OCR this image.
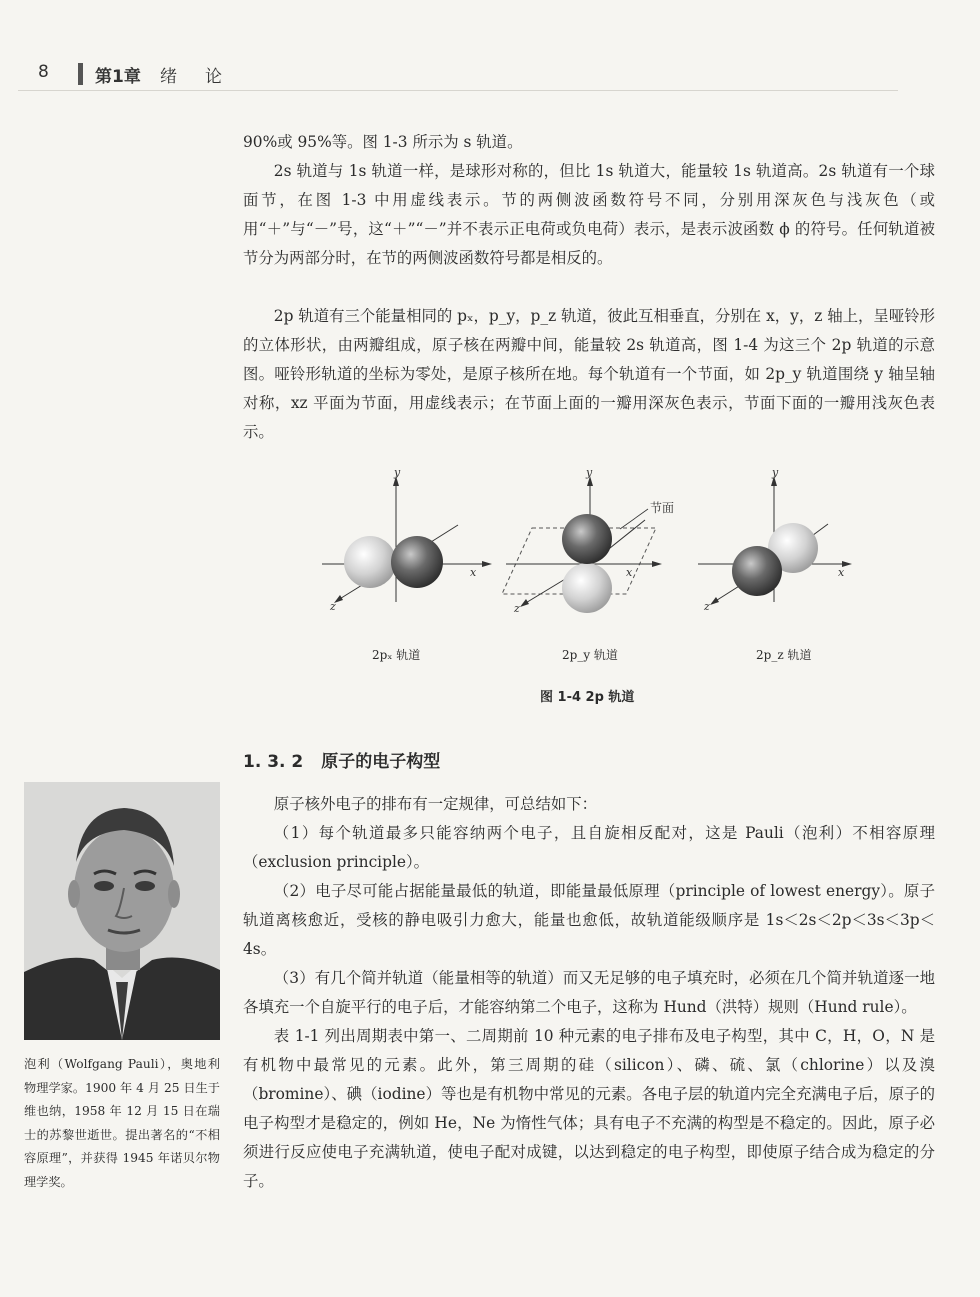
8	第1章 绪论

90%或 95%等。图 1-3 所示为 s 轨道。

2s 轨道与 1s 轨道一样，是球形对称的，但比 1s 轨道大，能量较 1s 轨道高。2s 轨道有一个球面节，在图 1-3 中用虚线表示。节的两侧波函数符号不同，分别用深灰色与浅灰色（或用“＋”与“－”号，这“＋”“－”并不表示正电荷或负电荷）表示，是表示波函数 ϕ 的符号。任何轨道被节分为两部分时，在节的两侧波函数符号都是相反的。

2p 轨道有三个能量相同的 pₓ，p_y，p_z 轨道，彼此互相垂直，分别在 x，y，z 轴上，呈哑铃形的立体形状，由两瓣组成，原子核在两瓣中间，能量较 2s 轨道高，图 1-4 为这三个 2p 轨道的示意图。哑铃形轨道的坐标为零处，是原子核所在地。每个轨道有一个节面，如 2p_y 轨道围绕 y 轴呈轴对称，xz 平面为节面，用虚线表示；在节面上面的一瓣用深灰色表示，节面下面的一瓣用浅灰色表示。

y
x
z
节面
y
x
z
y
x
z
2pₓ 轨道	2p_y 轨道	2p_z 轨道
图 1-4 2p 轨道
1. 3. 2 原子的电子构型

原子核外电子的排布有一定规律，可总结如下：

（1）每个轨道最多只能容纳两个电子，且自旋相反配对，这是 Pauli（泡利）不相容原理（exclusion principle）。

（2）电子尽可能占据能量最低的轨道，即能量最低原理（principle of lowest energy）。原子轨道离核愈近，受核的静电吸引力愈大，能量也愈低，故轨道能级顺序是 1s＜2s＜2p＜3s＜3p＜4s。

（3）有几个简并轨道（能量相等的轨道）而又无足够的电子填充时，必须在几个简并轨道逐一地各填充一个自旋平行的电子后，才能容纳第二个电子，这称为 Hund（洪特）规则（Hund rule）。

表 1-1 列出周期表中第一、二周期前 10 种元素的电子排布及电子构型，其中 C，H，O，N 是有机物中最常见的元素。此外，第三周期的硅（silicon）、磷、硫、氯（chlorine）以及溴（bromine）、碘（iodine）等也是有机物中常见的元素。各电子层的轨道内完全充满电子后，原子的电子构型才是稳定的，例如 He，Ne 为惰性气体；具有电子不充满的构型是不稳定的。因此，原子必须进行反应使电子充满轨道，使电子配对成键，以达到稳定的电子构型，即使原子结合成为稳定的分子。

泡利（Wolfgang Pauli），奥地利物理学家。1900 年 4 月 25 日生于维也纳，1958 年 12 月 15 日在瑞士的苏黎世逝世。提出著名的“不相容原理”，并获得 1945 年诺贝尔物理学奖。
